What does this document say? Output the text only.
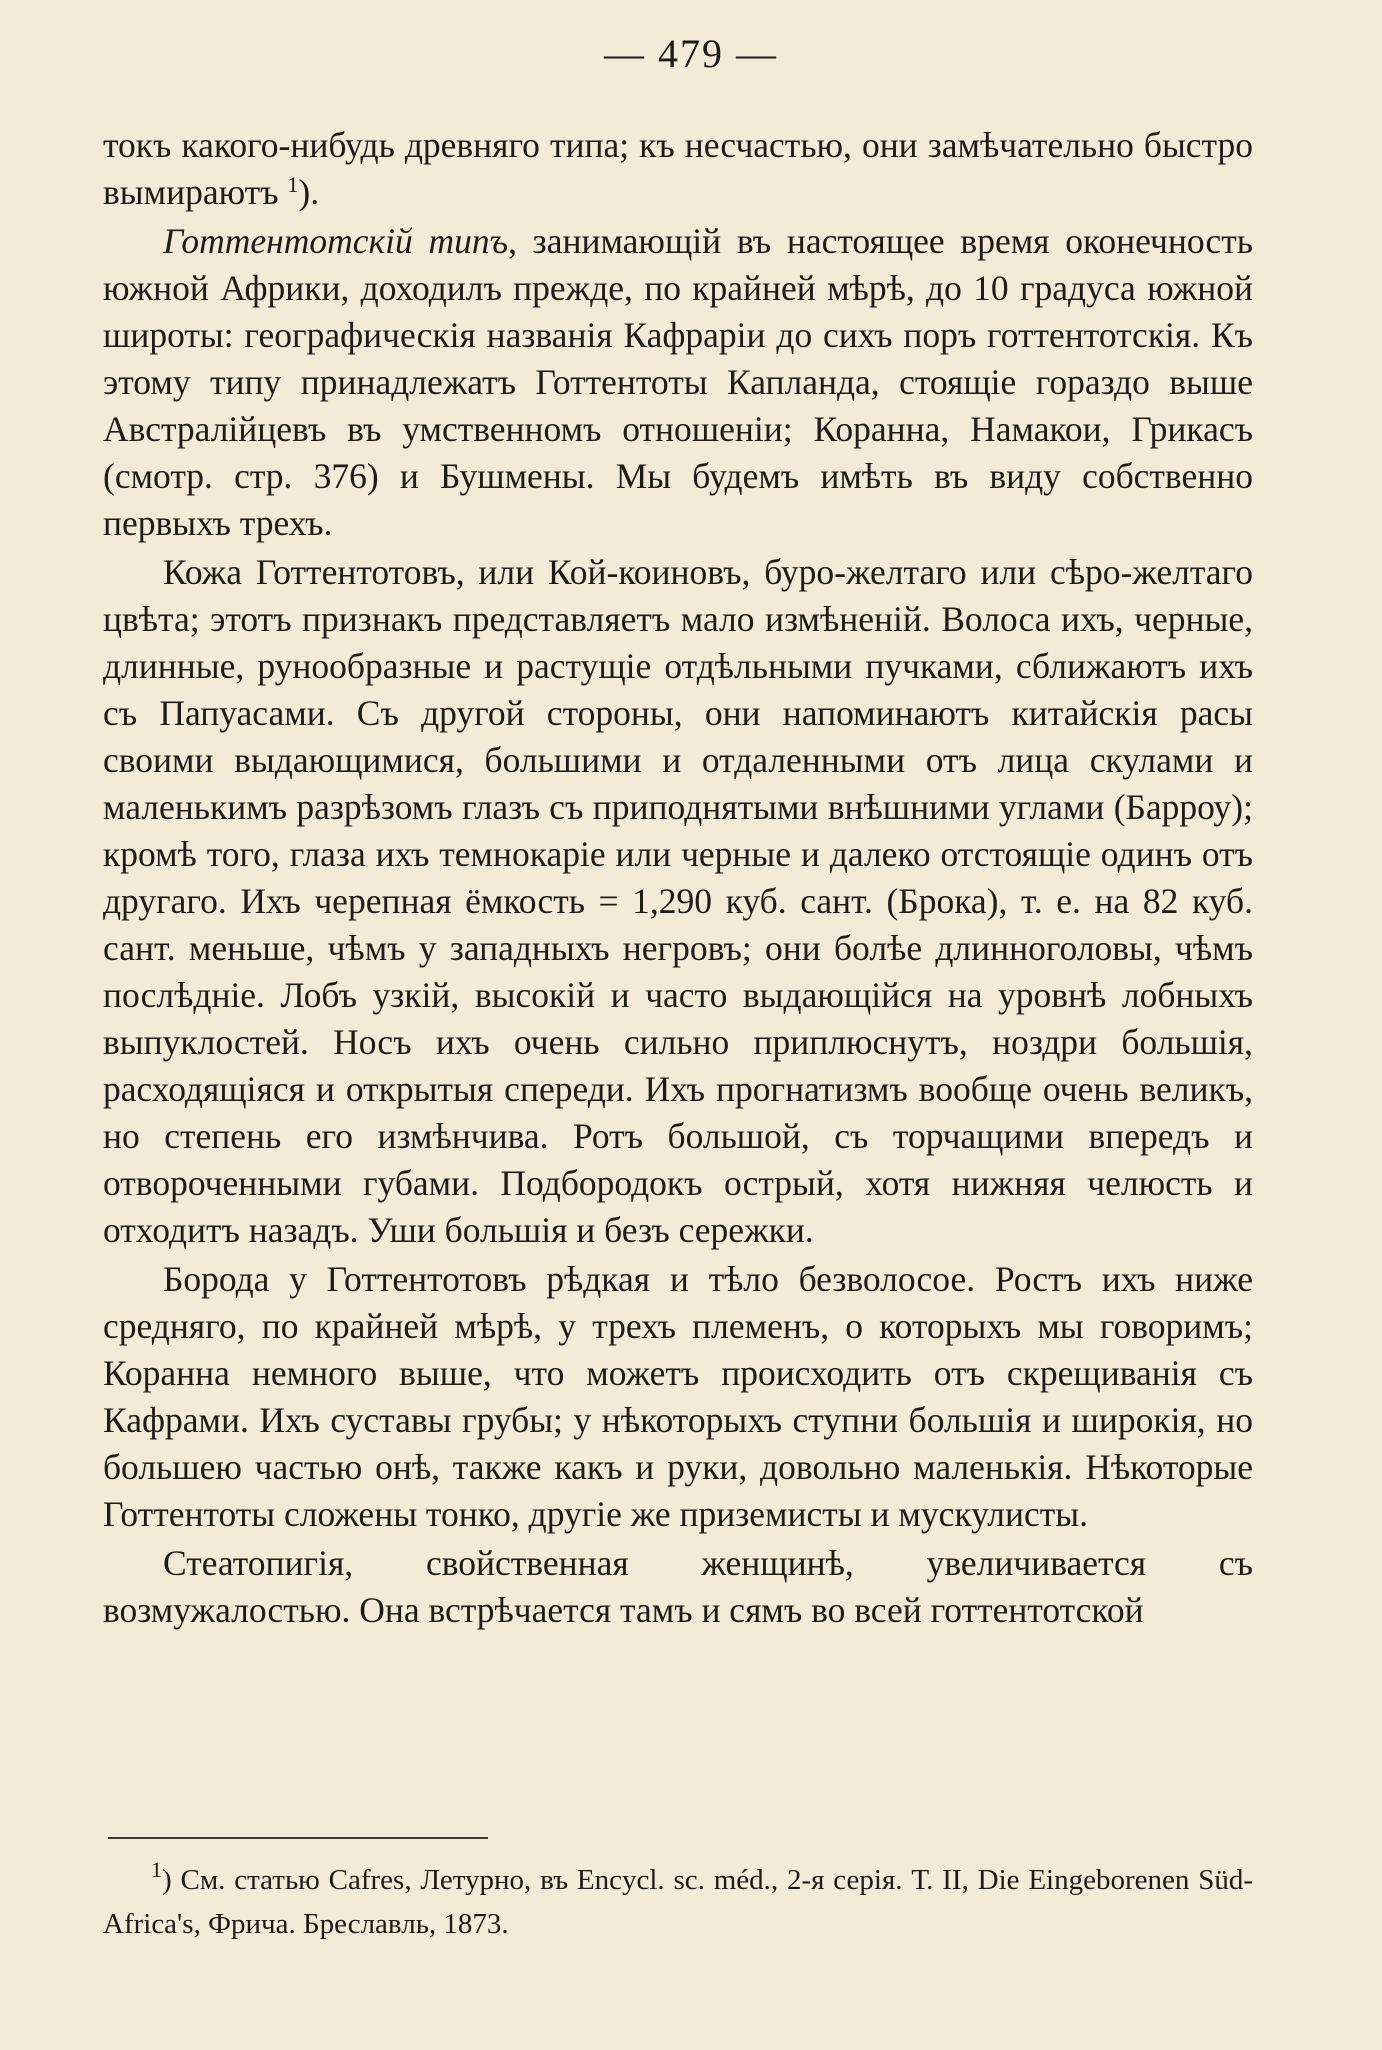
— 479 —

токъ какого-нибудь древняго типа; къ несчастью, они замѣчательно быстро вымираютъ $^1$).

Готтентотскій типъ, занимающій въ настоящее время оконечность южной Африки, доходилъ прежде, по крайней мѣрѣ, до 10 градуса южной широты: географическія названія Кафраріи до сихъ поръ готтентотскія. Къ этому типу принадлежатъ Готтентоты Капланда, стоящіе гораздо выше Австралійцевъ въ умственномъ отношеніи; Коранна, Намакои, Грикасъ (смотр. стр. 376) и Бушмены. Мы будемъ имѣть въ виду собственно первыхъ трехъ.

Кожа Готтентотовъ, или Кой-коиновъ, буро-желтаго или сѣро-желтаго цвѣта; этотъ признакъ представляетъ мало измѣненій. Волоса ихъ, черные, длинные, рунообразные и растущіе отдѣльными пучками, сближаютъ ихъ съ Папуасами. Съ другой стороны, они напоминаютъ китайскія расы своими выдающимися, большими и отдаленными отъ лица скулами и маленькимъ разрѣзомъ глазъ съ приподнятыми внѣшними углами (Барроу); кромѣ того, глаза ихъ темнокаріе или черные и далеко отстоящіе одинъ отъ другаго. Ихъ черепная ёмкость = 1,290 куб. сант. (Брока), т. е. на 82 куб. сант. меньше, чѣмъ у западныхъ негровъ; они болѣе длинноголовы, чѣмъ послѣдніе. Лобъ узкій, высокій и часто выдающійся на уровнѣ лобныхъ выпуклостей. Носъ ихъ очень сильно приплюснутъ, ноздри большія, расходящіяся и открытыя спереди. Ихъ прогнатизмъ вообще очень великъ, но степень его измѣнчива. Ротъ большой, съ торчащими впередъ и отвороченными губами. Подбородокъ острый, хотя нижняя челюсть и отходитъ назадъ. Уши большія и безъ сережки.

Борода у Готтентотовъ рѣдкая и тѣло безволосое. Ростъ ихъ ниже средняго, по крайней мѣрѣ, у трехъ племенъ, о которыхъ мы говоримъ; Коранна немного выше, что можетъ происходить отъ скрещиванія съ Кафрами. Ихъ суставы грубы; у нѣкоторыхъ ступни большія и широкія, но большею частью онѣ, также какъ и руки, довольно маленькія. Нѣкоторые Готтентоты сложены тонко, другіе же приземисты и мускулисты.

Стеатопигія, свойственная женщинѣ, увеличивается съ возмужалостью. Она встрѣчается тамъ и сямъ во всей готтентотской

$^1$) См. статью Cafres, Летурно, въ Encycl. sc. méd., 2-я серія. Т. II, Die Eingeborenen Süd-Africa's, Фрича. Бреславль, 1873.
